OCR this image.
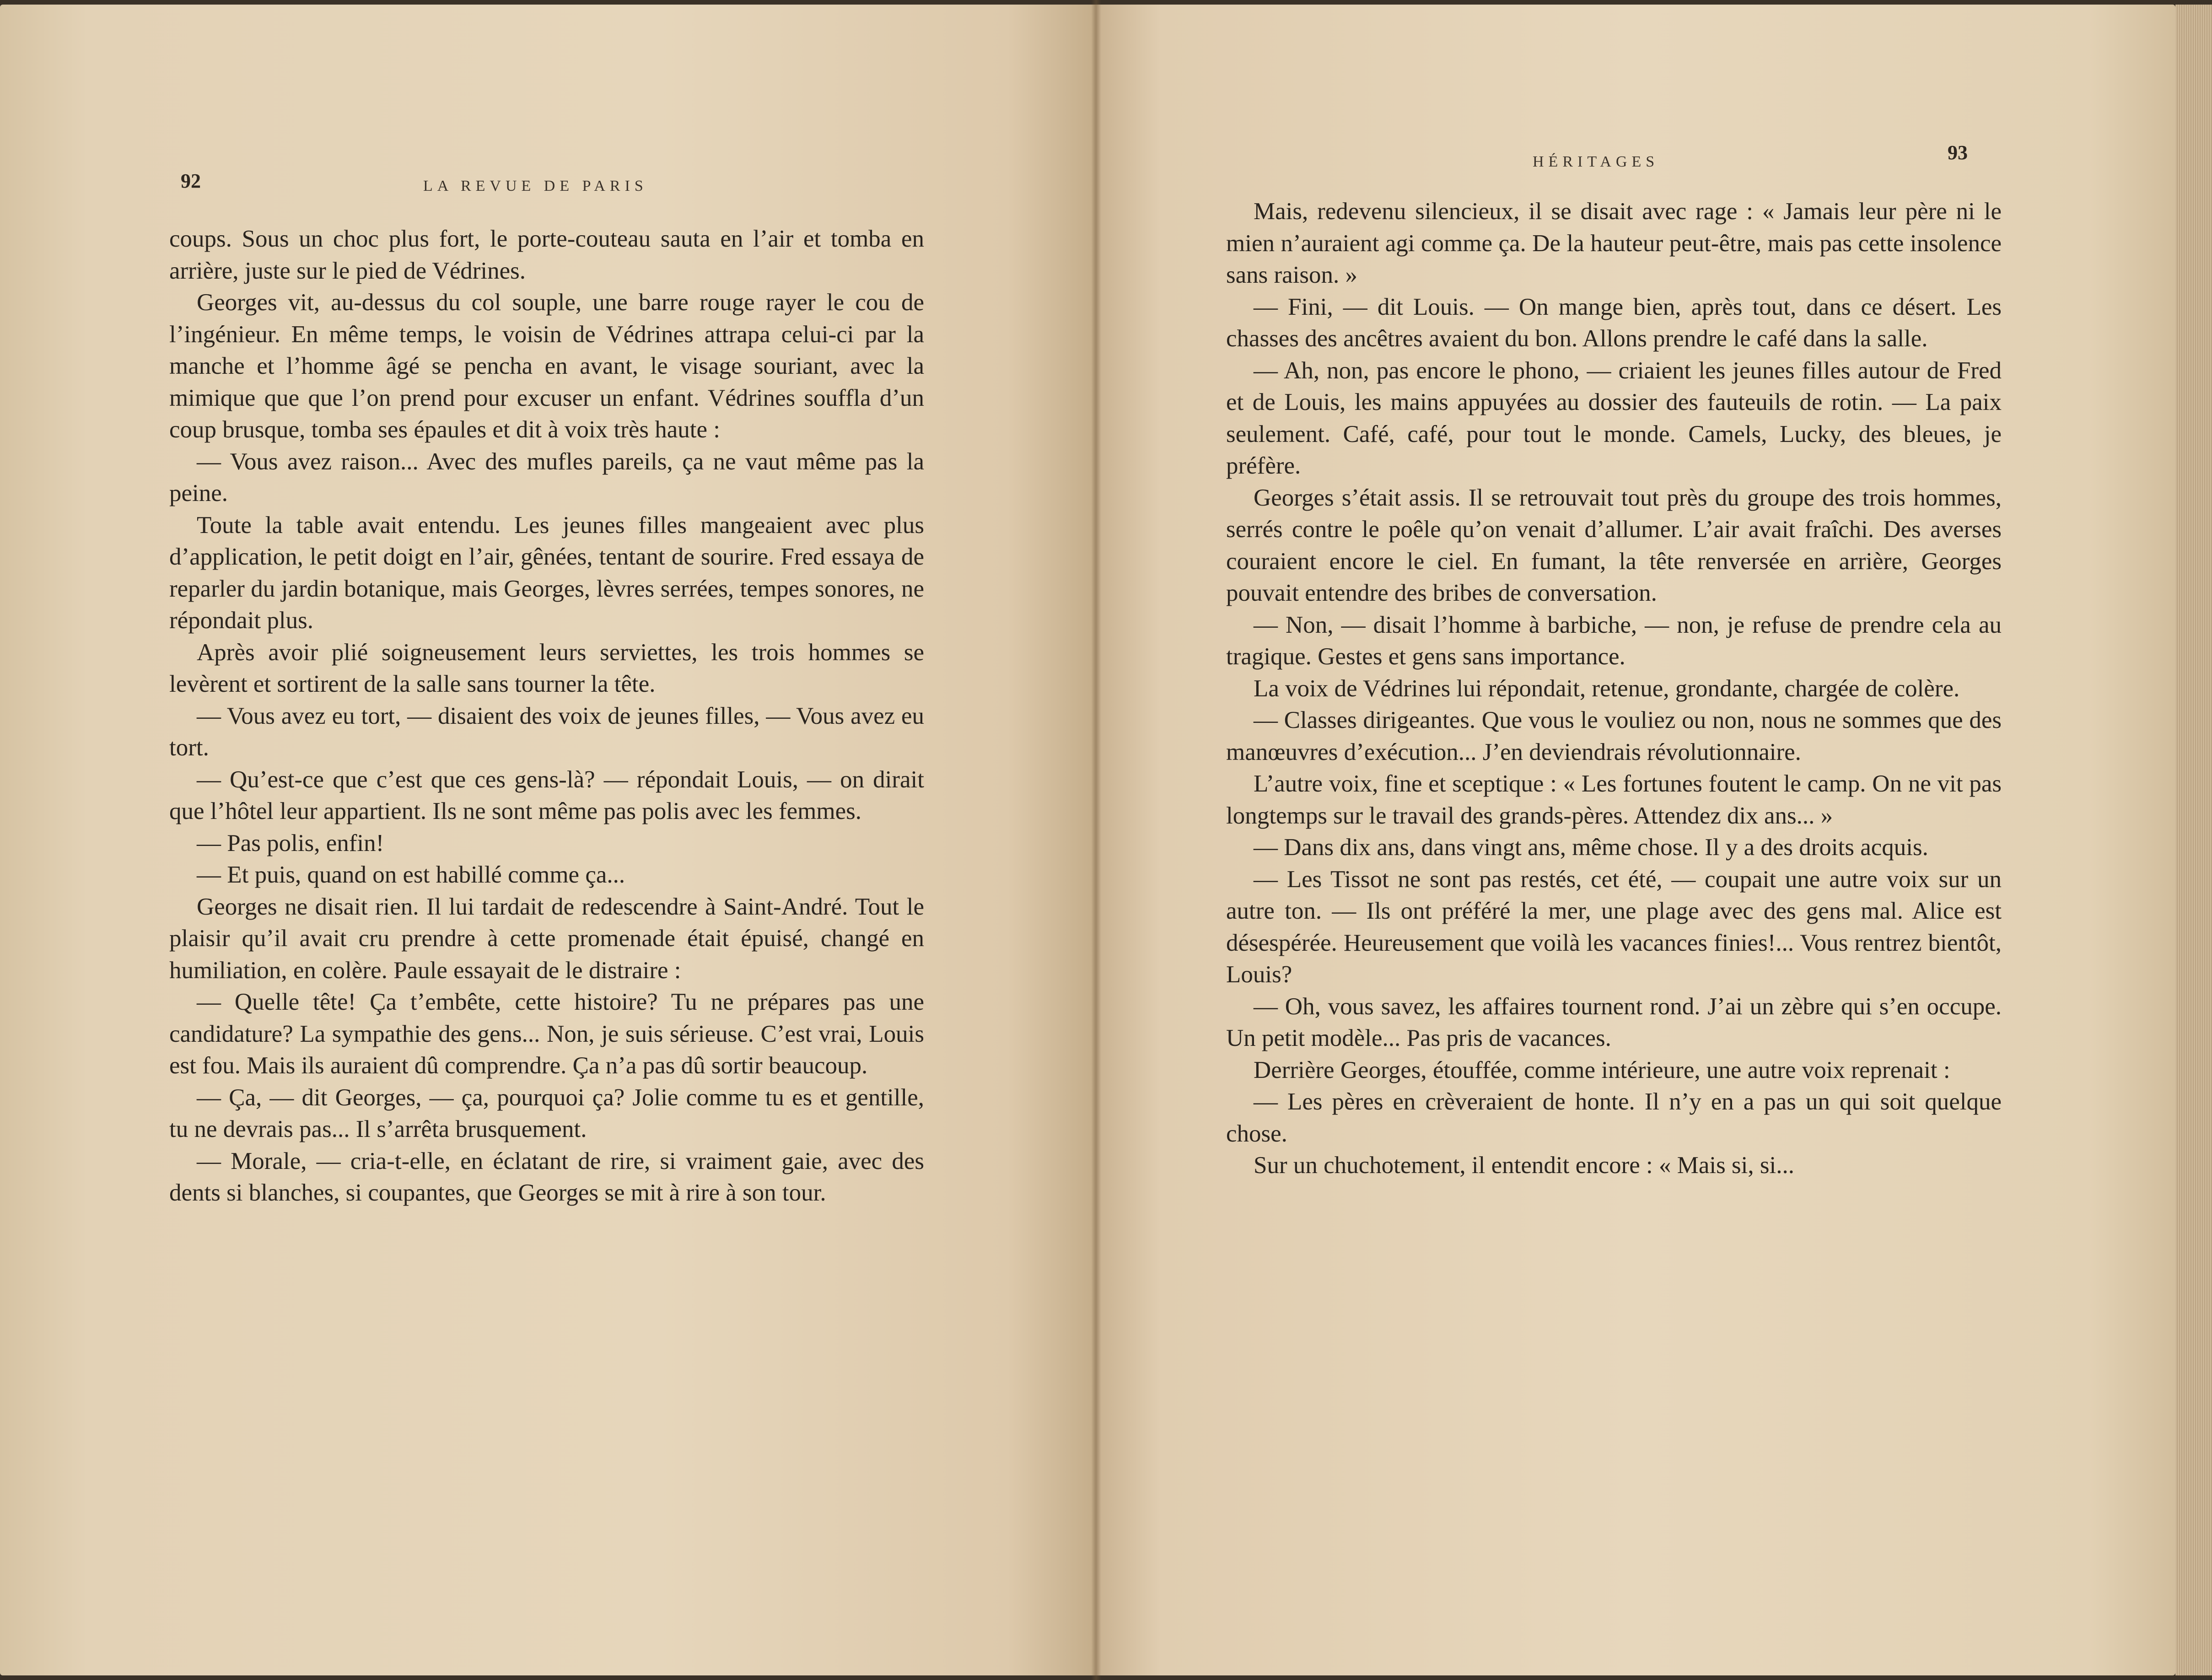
92	LA REVUE DE PARIS

coups. Sous un choc plus fort, le porte-couteau sauta en l’air et tomba en arrière, juste sur le pied de Védrines.

Georges vit, au-dessus du col souple, une barre rouge rayer le cou de l’ingénieur. En même temps, le voisin de Védrines attrapa celui-ci par la manche et l’homme âgé se pencha en avant, le visage souriant, avec la mimique que que l’on prend pour excuser un enfant. Védrines souffla d’un coup brusque, tomba ses épaules et dit à voix très haute :

— Vous avez raison... Avec des mufles pareils, ça ne vaut même pas la peine.

Toute la table avait entendu. Les jeunes filles mangeaient avec plus d’application, le petit doigt en l’air, gênées, tentant de sourire. Fred essaya de reparler du jardin botanique, mais Georges, lèvres serrées, tempes sonores, ne répondait plus.

Après avoir plié soigneusement leurs serviettes, les trois hommes se levèrent et sortirent de la salle sans tourner la tête.

— Vous avez eu tort, — disaient des voix de jeunes filles, — Vous avez eu tort.

— Qu’est-ce que c’est que ces gens-là? — répondait Louis, — on dirait que l’hôtel leur appartient. Ils ne sont même pas polis avec les femmes.

— Pas polis, enfin!

— Et puis, quand on est habillé comme ça...

Georges ne disait rien. Il lui tardait de redescendre à Saint-André. Tout le plaisir qu’il avait cru prendre à cette promenade était épuisé, changé en humiliation, en colère. Paule essayait de le distraire :

— Quelle tête! Ça t’embête, cette histoire? Tu ne prépares pas une candidature? La sympathie des gens... Non, je suis sérieuse. C’est vrai, Louis est fou. Mais ils auraient dû comprendre. Ça n’a pas dû sortir beaucoup.

— Ça, — dit Georges, — ça, pourquoi ça? Jolie comme tu es et gentille, tu ne devrais pas... Il s’arrêta brusquement.

— Morale, — cria-t-elle, en éclatant de rire, si vraiment gaie, avec des dents si blanches, si coupantes, que Georges se mit à rire à son tour.

HÉRITAGES	93

Mais, redevenu silencieux, il se disait avec rage : « Jamais leur père ni le mien n’auraient agi comme ça. De la hauteur peut-être, mais pas cette insolence sans raison. »

— Fini, — dit Louis. — On mange bien, après tout, dans ce désert. Les chasses des ancêtres avaient du bon. Allons prendre le café dans la salle.

— Ah, non, pas encore le phono, — criaient les jeunes filles autour de Fred et de Louis, les mains appuyées au dossier des fauteuils de rotin. — La paix seulement. Café, café, pour tout le monde. Camels, Lucky, des bleues, je préfère.

Georges s’était assis. Il se retrouvait tout près du groupe des trois hommes, serrés contre le poêle qu’on venait d’allumer. L’air avait fraîchi. Des averses couraient encore le ciel. En fumant, la tête renversée en arrière, Georges pouvait entendre des bribes de conversation.

— Non, — disait l’homme à barbiche, — non, je refuse de prendre cela au tragique. Gestes et gens sans importance.

La voix de Védrines lui répondait, retenue, grondante, chargée de colère.

— Classes dirigeantes. Que vous le vouliez ou non, nous ne sommes que des manœuvres d’exécution... J’en deviendrais révolutionnaire.

L’autre voix, fine et sceptique : « Les fortunes foutent le camp. On ne vit pas longtemps sur le travail des grands-pères. Attendez dix ans... »

— Dans dix ans, dans vingt ans, même chose. Il y a des droits acquis.

— Les Tissot ne sont pas restés, cet été, — coupait une autre voix sur un autre ton. — Ils ont préféré la mer, une plage avec des gens mal. Alice est désespérée. Heureusement que voilà les vacances finies!... Vous rentrez bientôt, Louis?

— Oh, vous savez, les affaires tournent rond. J’ai un zèbre qui s’en occupe. Un petit modèle... Pas pris de vacances.

Derrière Georges, étouffée, comme intérieure, une autre voix reprenait :

— Les pères en crèveraient de honte. Il n’y en a pas un qui soit quelque chose.

Sur un chuchotement, il entendit encore : « Mais si, si...
